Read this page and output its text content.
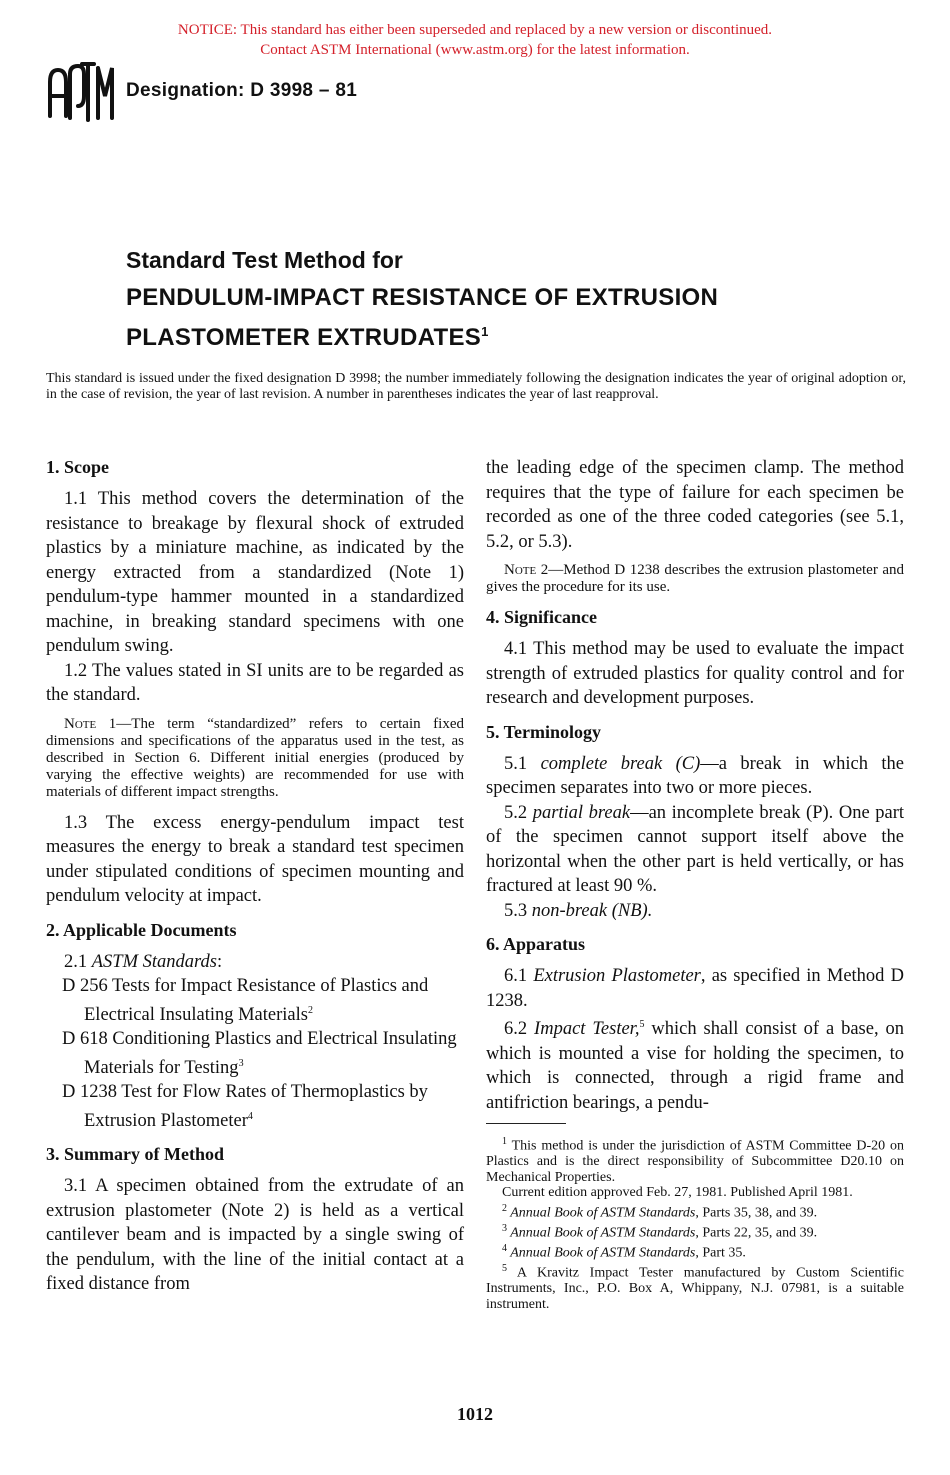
NOTICE: This standard has either been superseded and replaced by a new version or discontinued.
Contact ASTM International (www.astm.org) for the latest information.
Designation: D 3998 – 81
Standard Test Method for
PENDULUM-IMPACT RESISTANCE OF EXTRUSION
PLASTOMETER EXTRUDATES$^1$
This standard is issued under the fixed designation D 3998; the number immediately following the designation indicates the year of original adoption or, in the case of revision, the year of last revision. A number in parentheses indicates the year of last reapproval.
1. Scope

1.1 This method covers the determination of the resistance to breakage by flexural shock of extruded plastics by a miniature machine, as indicated by the energy extracted from a standardized (Note 1) pendulum-type hammer mounted in a standardized machine, in breaking standard specimens with one pendulum swing.

1.2 The values stated in SI units are to be regarded as the standard.

Note 1—The term “standardized” refers to certain fixed dimensions and specifications of the apparatus used in the test, as described in Section 6. Different initial energies (produced by varying the effective weights) are recommended for use with materials of different impact strengths.

1.3 The excess energy-pendulum impact test measures the energy to break a standard test specimen under stipulated conditions of specimen mounting and pendulum velocity at impact.

2. Applicable Documents

2.1 ASTM Standards:

D 256 Tests for Impact Resistance of Plastics and Electrical Insulating Materials$^2$

D 618 Conditioning Plastics and Electrical Insulating Materials for Testing$^3$

D 1238 Test for Flow Rates of Thermoplastics by Extrusion Plastometer$^4$

3. Summary of Method

3.1 A specimen obtained from the extrudate of an extrusion plastometer (Note 2) is held as a vertical cantilever beam and is impacted by a single swing of the pendulum, with the line of the initial contact at a fixed distance from

the leading edge of the specimen clamp. The method requires that the type of failure for each specimen be recorded as one of the three coded categories (see 5.1, 5.2, or 5.3).

Note 2—Method D 1238 describes the extrusion plastometer and gives the procedure for its use.

4. Significance

4.1 This method may be used to evaluate the impact strength of extruded plastics for quality control and for research and development purposes.

5. Terminology

5.1 complete break (C)—a break in which the specimen separates into two or more pieces.

5.2 partial break—an incomplete break (P). One part of the specimen cannot support itself above the horizontal when the other part is held vertically, or has fractured at least 90 %.

5.3 non-break (NB).

6. Apparatus

6.1 Extrusion Plastometer, as specified in Method D 1238.

6.2 Impact Tester,$^5$ which shall consist of a base, on which is mounted a vise for holding the specimen, to which is connected, through a rigid frame and antifriction bearings, a pendu-

$^1$ This method is under the jurisdiction of ASTM Committee D-20 on Plastics and is the direct responsibility of Subcommittee D20.10 on Mechanical Properties.

Current edition approved Feb. 27, 1981. Published April 1981.

$^2$ Annual Book of ASTM Standards, Parts 35, 38, and 39.

$^3$ Annual Book of ASTM Standards, Parts 22, 35, and 39.

$^4$ Annual Book of ASTM Standards, Part 35.

$^5$ A Kravitz Impact Tester manufactured by Custom Scientific Instruments, Inc., P.O. Box A, Whippany, N.J. 07981, is a suitable instrument.

1012
